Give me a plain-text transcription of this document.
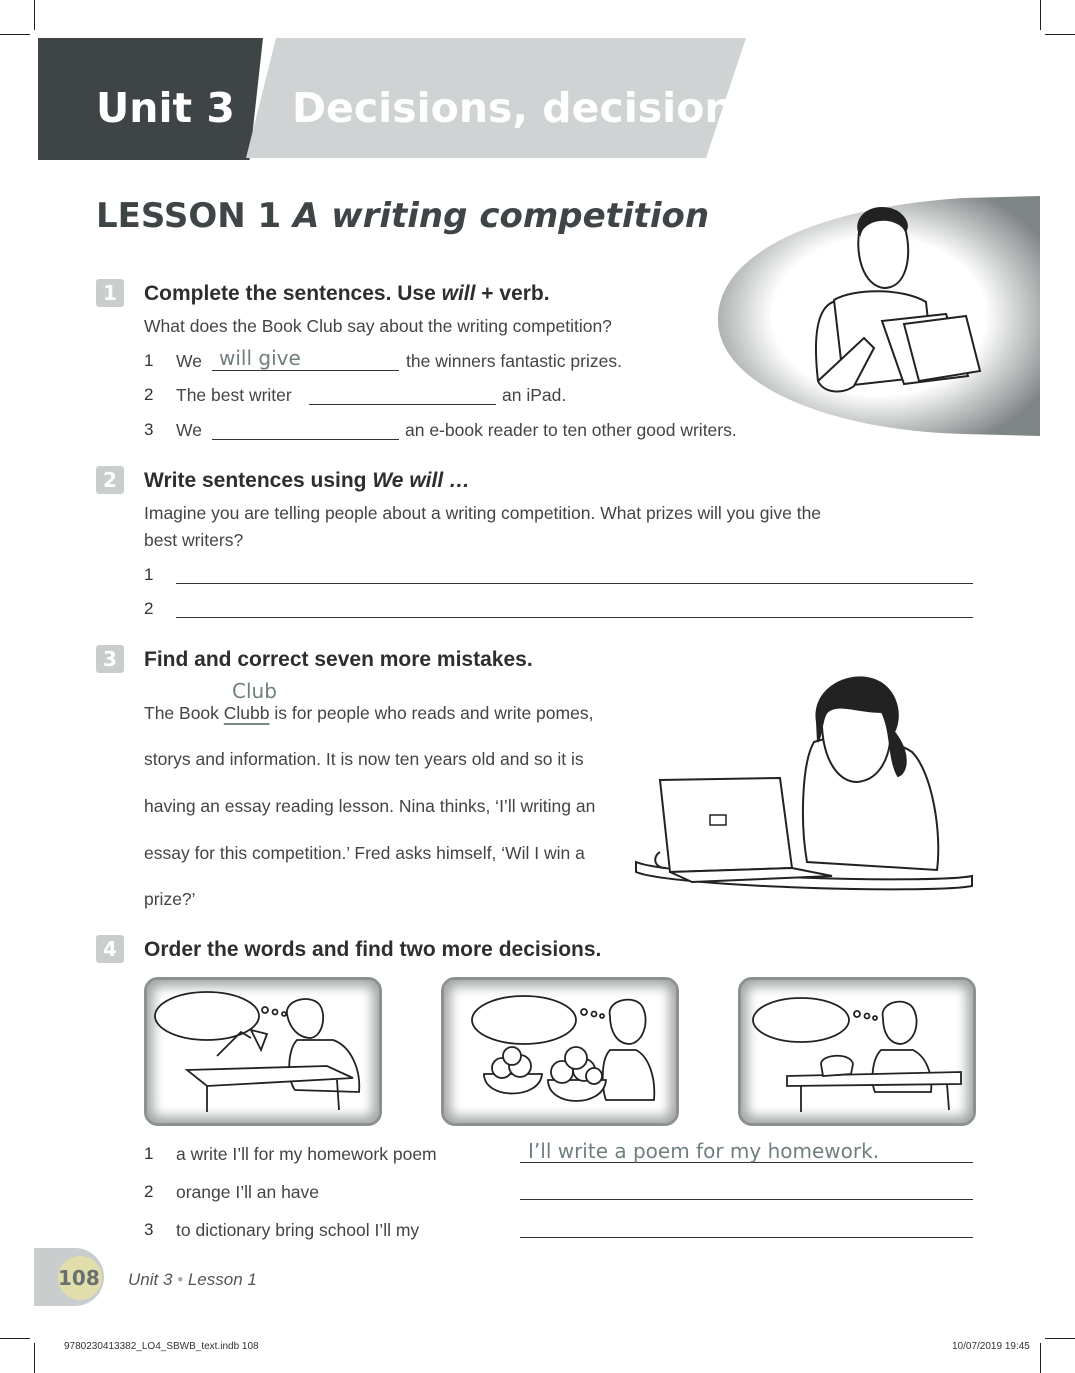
Unit 3 Decisions, decisions
LESSON 1 A writing competition
1	Complete the sentences. Use will + verb.
What does the Book Club say about the writing competition?
1 We will give	the winners fantastic prizes.
2 The best writer	an iPad.
3 We	an e-book reader to ten other good writers.
2	Write sentences using We will …
Imagine you are telling people about a writing competition. What prizes will you give the
best writers?
1
2
3	Find and correct seven more mistakes.
Club
The Book Clubb is for people who reads and write pomes,
storys and information. It is now ten years old and so it is
having an essay reading lesson. Nina thinks, ‘I’ll writing an
essay for this competition.’ Fred asks himself, ‘Wil I win a
prize?’
4	Order the words and find two more decisions.
1 a write I’ll for my homework poem	I’ll write a poem for my homework.
2 orange I’ll an have
3 to dictionary bring school I’ll my
108 Unit 3 • Lesson 1
9780230413382_LO4_SBWB_text.indb 108	10/07/2019 19:45
